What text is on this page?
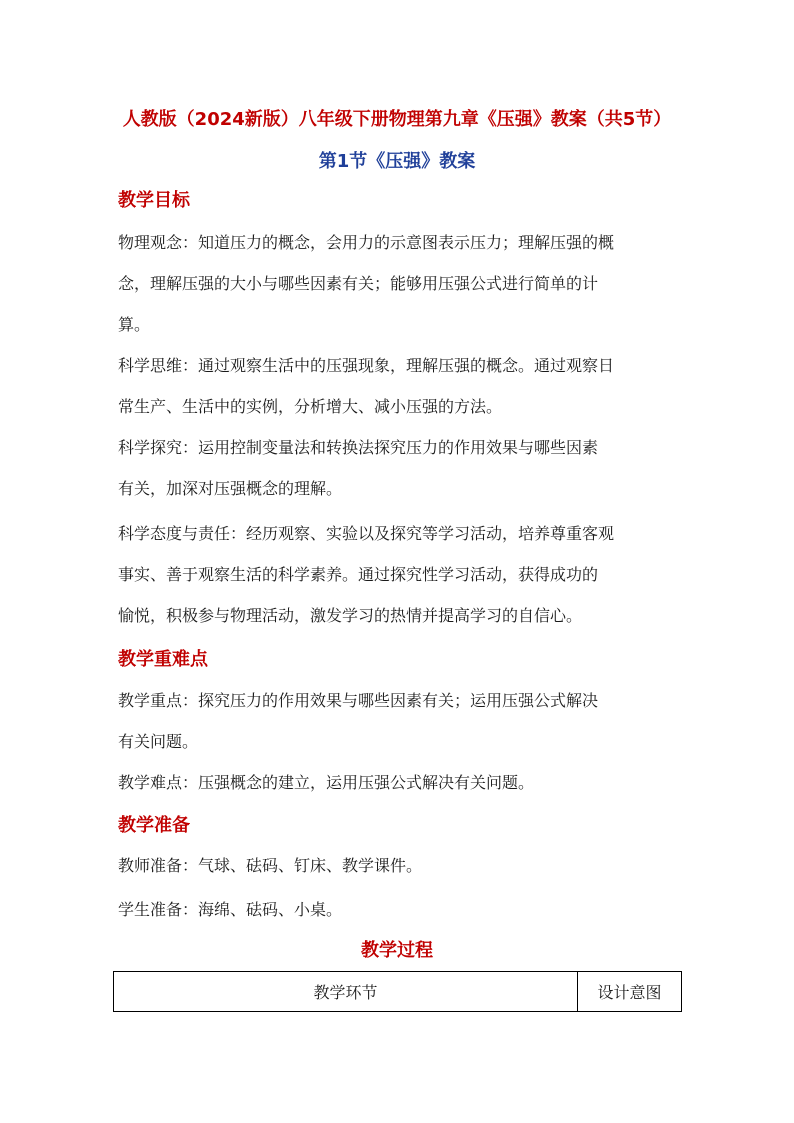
人教版（2024新版）八年级下册物理第九章《压强》教案（共5节）
第1节《压强》教案
教学目标
物理观念：知道压力的概念，会用力的示意图表示压力；理解压强的概
念，理解压强的大小与哪些因素有关；能够用压强公式进行简单的计
算。
科学思维：通过观察生活中的压强现象，理解压强的概念。通过观察日
常生产、生活中的实例，分析增大、减小压强的方法。
科学探究：运用控制变量法和转换法探究压力的作用效果与哪些因素
有关，加深对压强概念的理解。
科学态度与责任：经历观察、实验以及探究等学习活动，培养尊重客观
事实、善于观察生活的科学素养。通过探究性学习活动，获得成功的
愉悦，积极参与物理活动，激发学习的热情并提高学习的自信心。
教学重难点
教学重点：探究压力的作用效果与哪些因素有关；运用压强公式解决
有关问题。
教学难点：压强概念的建立，运用压强公式解决有关问题。
教学准备
教师准备：气球、砝码、钉床、教学课件。
学生准备：海绵、砝码、小桌。
教学过程
教学环节	设计意图
